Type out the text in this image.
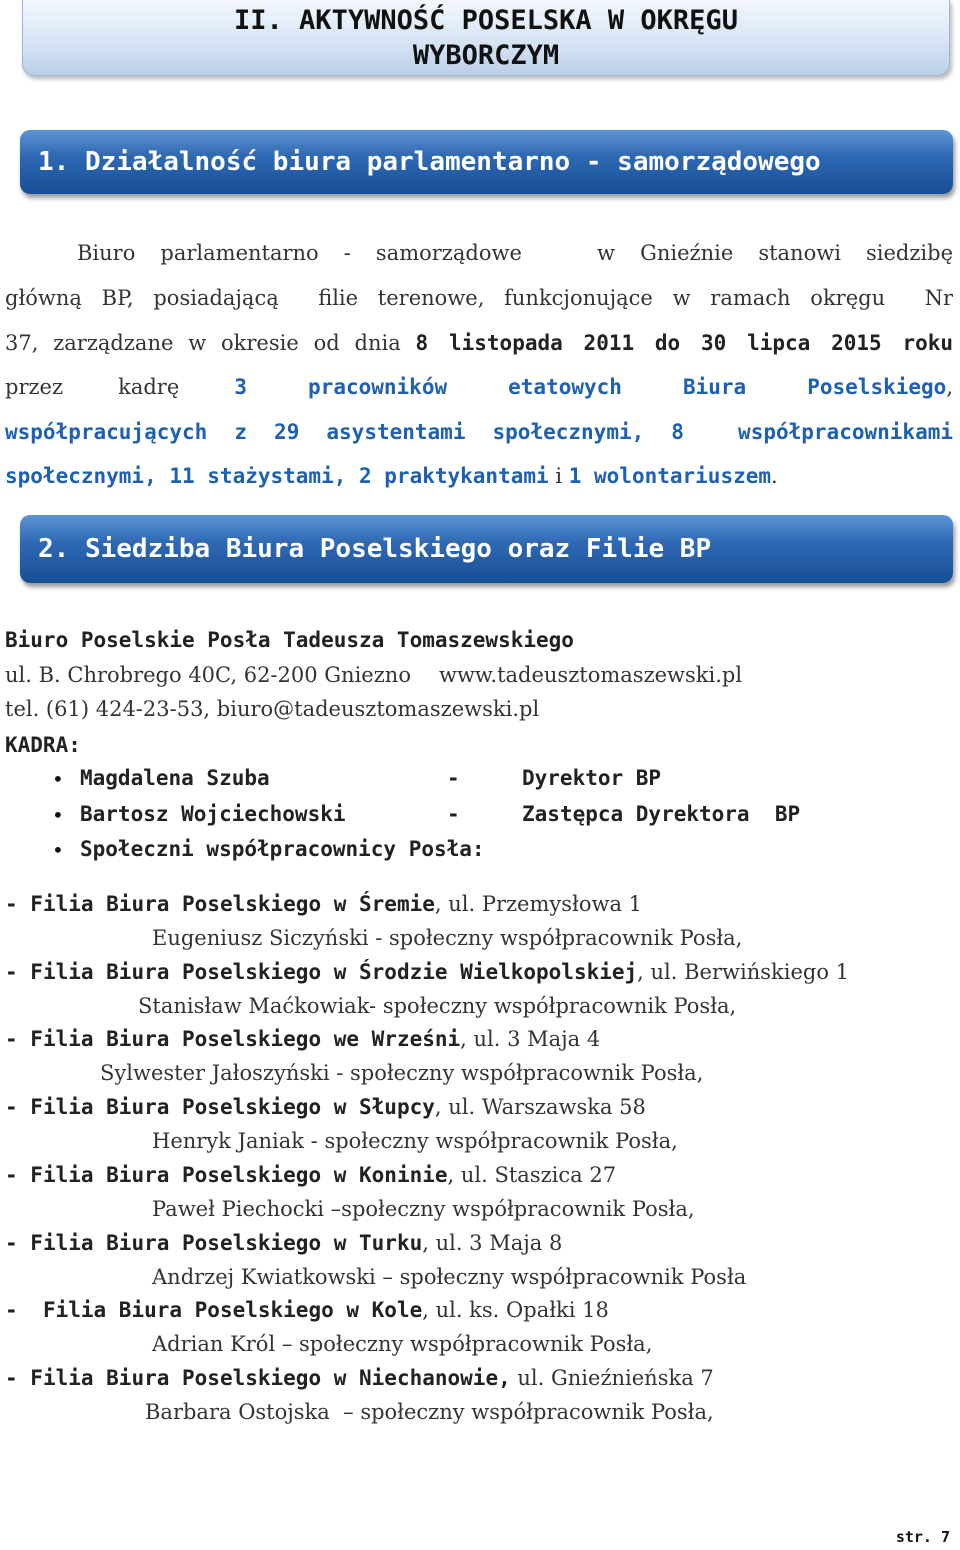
II. AKTYWNOŚĆ POSELSKA W OKRĘGU
WYBORCZYM
1. Działalność biura parlamentarno - samorządowego

Biuro parlamentarno - samorządowe   w Gnieźnie stanowi siedzibę

główną BP, posiadającą  filie terenowe, funkcjonujące w ramach okręgu  Nr

37, zarządzane w okresie od dnia 8 listopada 2011 do 30 lipca 2015 roku

przez kadrę 3 pracowników etatowych Biura Poselskiego,

współpracujących z 29 asystentami społecznymi, 8  współpracownikami

społecznymi, 11 stażystami, 2 praktykantami i 1 wolontariuszem.

2. Siedziba Biura Poselskiego oraz Filie BP

Biuro Poselskie Posła Tadeusza Tomaszewskiego

ul. B. Chrobrego 40C, 62-200 Gniezno www.tadeusztomaszewski.pl

tel. (61) 424-23-53, biuro@tadeusztomaszewski.pl

KADRA:

• Magdalena Szuba	-	Dyrektor BP
• Bartosz Wojciechowski	-	Zastępca Dyrektora  BP
• Społeczni współpracownicy Posła:

- Filia Biura Poselskiego w Śremie, ul. Przemysłowa 1

Eugeniusz Siczyński - społeczny współpracownik Posła,

- Filia Biura Poselskiego w Środzie Wielkopolskiej, ul. Berwińskiego 1

Stanisław Maćkowiak- społeczny współpracownik Posła,

- Filia Biura Poselskiego we Wrześni, ul. 3 Maja 4

Sylwester Jałoszyński - społeczny współpracownik Posła,

- Filia Biura Poselskiego w Słupcy, ul. Warszawska 58

Henryk Janiak - społeczny współpracownik Posła,

- Filia Biura Poselskiego w Koninie, ul. Staszica 27

Paweł Piechocki –społeczny współpracownik Posła,

- Filia Biura Poselskiego w Turku, ul. 3 Maja 8

Andrzej Kwiatkowski – społeczny współpracownik Posła

-  Filia Biura Poselskiego w Kole, ul. ks. Opałki 18

Adrian Król – społeczny współpracownik Posła,

- Filia Biura Poselskiego w Niechanowie, ul. Gnieźnieńska 7

Barbara Ostojska  – społeczny współpracownik Posła,

str. 7
